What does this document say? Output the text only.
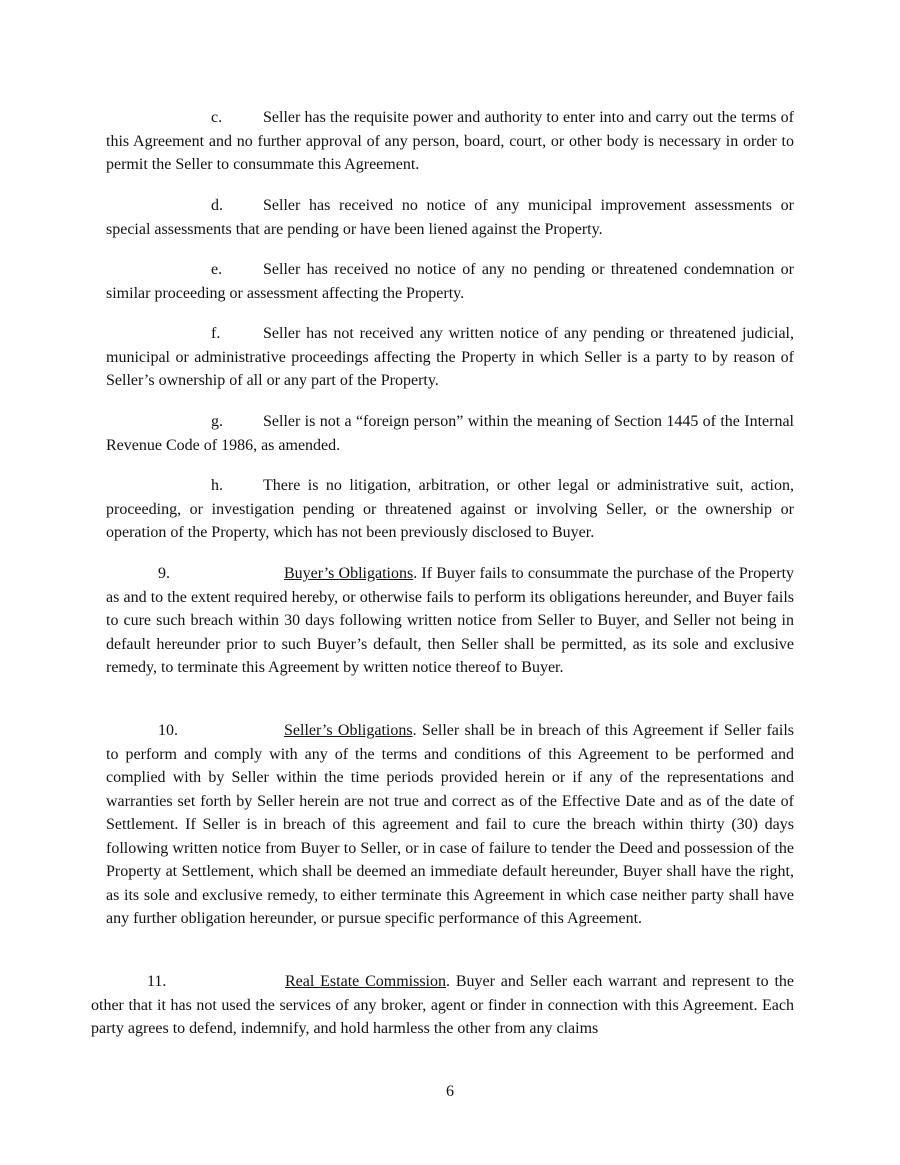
c.	Seller has the requisite power and authority to enter into and carry out the terms of this Agreement and no further approval of any person, board, court, or other body is necessary in order to permit the Seller to consummate this Agreement.

d.	Seller has received no notice of any municipal improvement assessments or special assessments that are pending or have been liened against the Property.

e.	Seller has received no notice of any no pending or threatened condemnation or similar proceeding or assessment affecting the Property.

f.	Seller has not received any written notice of any pending or threatened judicial, municipal or administrative proceedings affecting the Property in which Seller is a party to by reason of Seller’s ownership of all or any part of the Property.

g.	Seller is not a “foreign person” within the meaning of Section 1445 of the Internal Revenue Code of 1986, as amended.

h.	There is no litigation, arbitration, or other legal or administrative suit, action, proceeding, or investigation pending or threatened against or involving Seller, or the ownership or operation of the Property, which has not been previously disclosed to Buyer.

9.	Buyer’s Obligations. If Buyer fails to consummate the purchase of the Property as and to the extent required hereby, or otherwise fails to perform its obligations hereunder, and Buyer fails to cure such breach within 30 days following written notice from Seller to Buyer, and Seller not being in default hereunder prior to such Buyer’s default, then Seller shall be permitted, as its sole and exclusive remedy, to terminate this Agreement by written notice thereof to Buyer.

10.	Seller’s Obligations. Seller shall be in breach of this Agreement if Seller fails to perform and comply with any of the terms and conditions of this Agreement to be performed and complied with by Seller within the time periods provided herein or if any of the representations and warranties set forth by Seller herein are not true and correct as of the Effective Date and as of the date of Settlement. If Seller is in breach of this agreement and fail to cure the breach within thirty (30) days following written notice from Buyer to Seller, or in case of failure to tender the Deed and possession of the Property at Settlement, which shall be deemed an immediate default hereunder, Buyer shall have the right, as its sole and exclusive remedy, to either terminate this Agreement in which case neither party shall have any further obligation hereunder, or pursue specific performance of this Agreement.

11.	Real Estate Commission. Buyer and Seller each warrant and represent to the other that it has not used the services of any broker, agent or finder in connection with this Agreement. Each party agrees to defend, indemnify, and hold harmless the other from any claims

6
